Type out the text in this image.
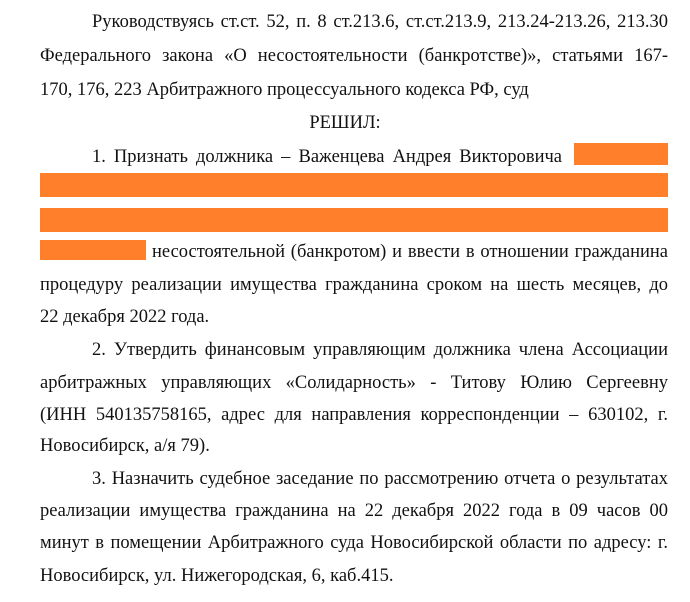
Руководствуясь ст.ст. 52, п. 8 ст.213.6, ст.ст.213.9, 213.24-213.26, 213.30
Федерального закона «О несостоятельности (банкротстве)», статьями 167-
170, 176, 223 Арбитражного процессуального кодекса РФ, суд
РЕШИЛ:
1. Признать должника – Важенцева Андрея Викторовича
несостоятельной (банкротом) и ввести в отношении гражданина
процедуру реализации имущества гражданина сроком на шесть месяцев, до
22 декабря 2022 года.
2. Утвердить финансовым управляющим должника члена Ассоциации
арбитражных управляющих «Солидарность» - Титову Юлию Сергеевну
(ИНН 540135758165, адрес для направления корреспонденции – 630102, г.
Новосибирск, а/я 79).
3. Назначить судебное заседание по рассмотрению отчета о результатах
реализации имущества гражданина на 22 декабря 2022 года в 09 часов 00
минут в помещении Арбитражного суда Новосибирской области по адресу: г.
Новосибирск, ул. Нижегородская, 6, каб.415.
